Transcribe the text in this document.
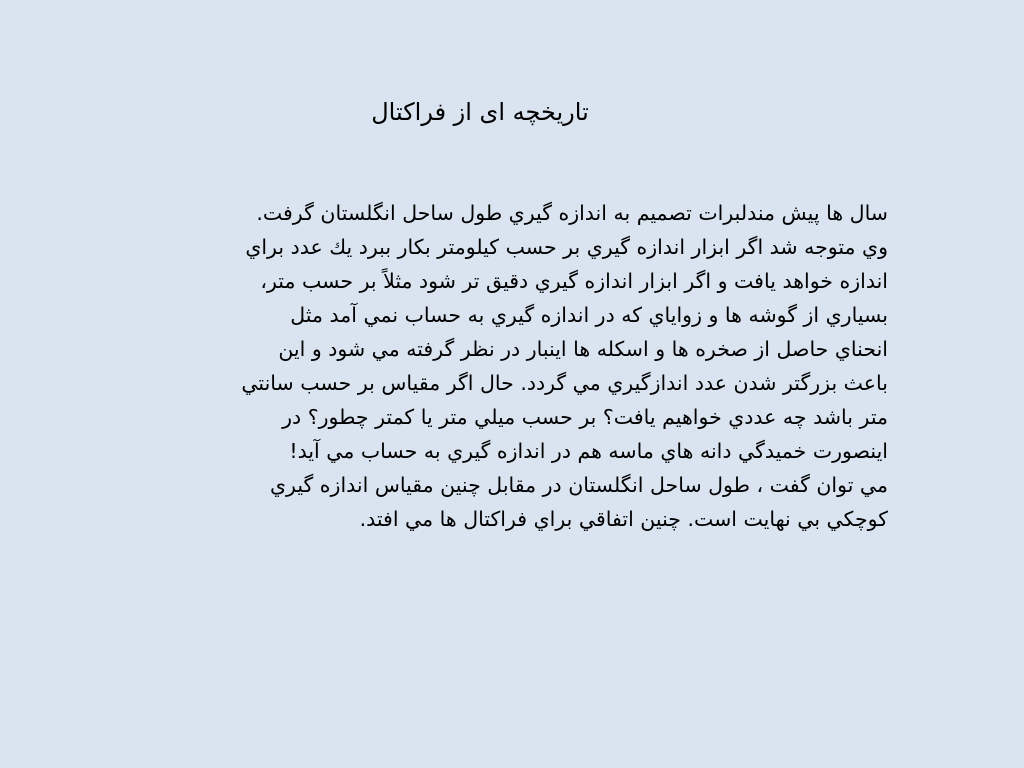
تاریخچه ای از فراکتال
سال ها پيش مندلبرات تصميم به اندازه گيري طول ساحل انگلستان گرفت.
وي متوجه شد اگر ابزار اندازه گيري بر حسب کيلومتر بکار ببرد يك عدد براي
اندازه خواهد يافت و اگر ابزار اندازه گيري دقيق تر شود مثلاً بر حسب متر،
بسياري از گوشه ها و زواياي كه در اندازه گيري به حساب نمي آمد مثل
انحناي حاصل از صخره ها و اسکله ها اينبار در نظر گرفته مي شود و اين
باعث بزرگتر شدن عدد اندازگيري مي گردد. حال اگر مقياس بر حسب سانتي
متر باشد چه عددي خواهيم يافت؟ بر حسب ميلي متر يا کمتر چطور؟ در
اينصورت خميدگي دانه هاي ماسه هم در اندازه گيري به حساب مي آيد!
مي توان گفت ، طول ساحل انگلستان در مقابل چنين مقياس اندازه گيري
کوچکي بي نهايت است. چنين اتفاقي براي فراکتال ها مي افتد.
